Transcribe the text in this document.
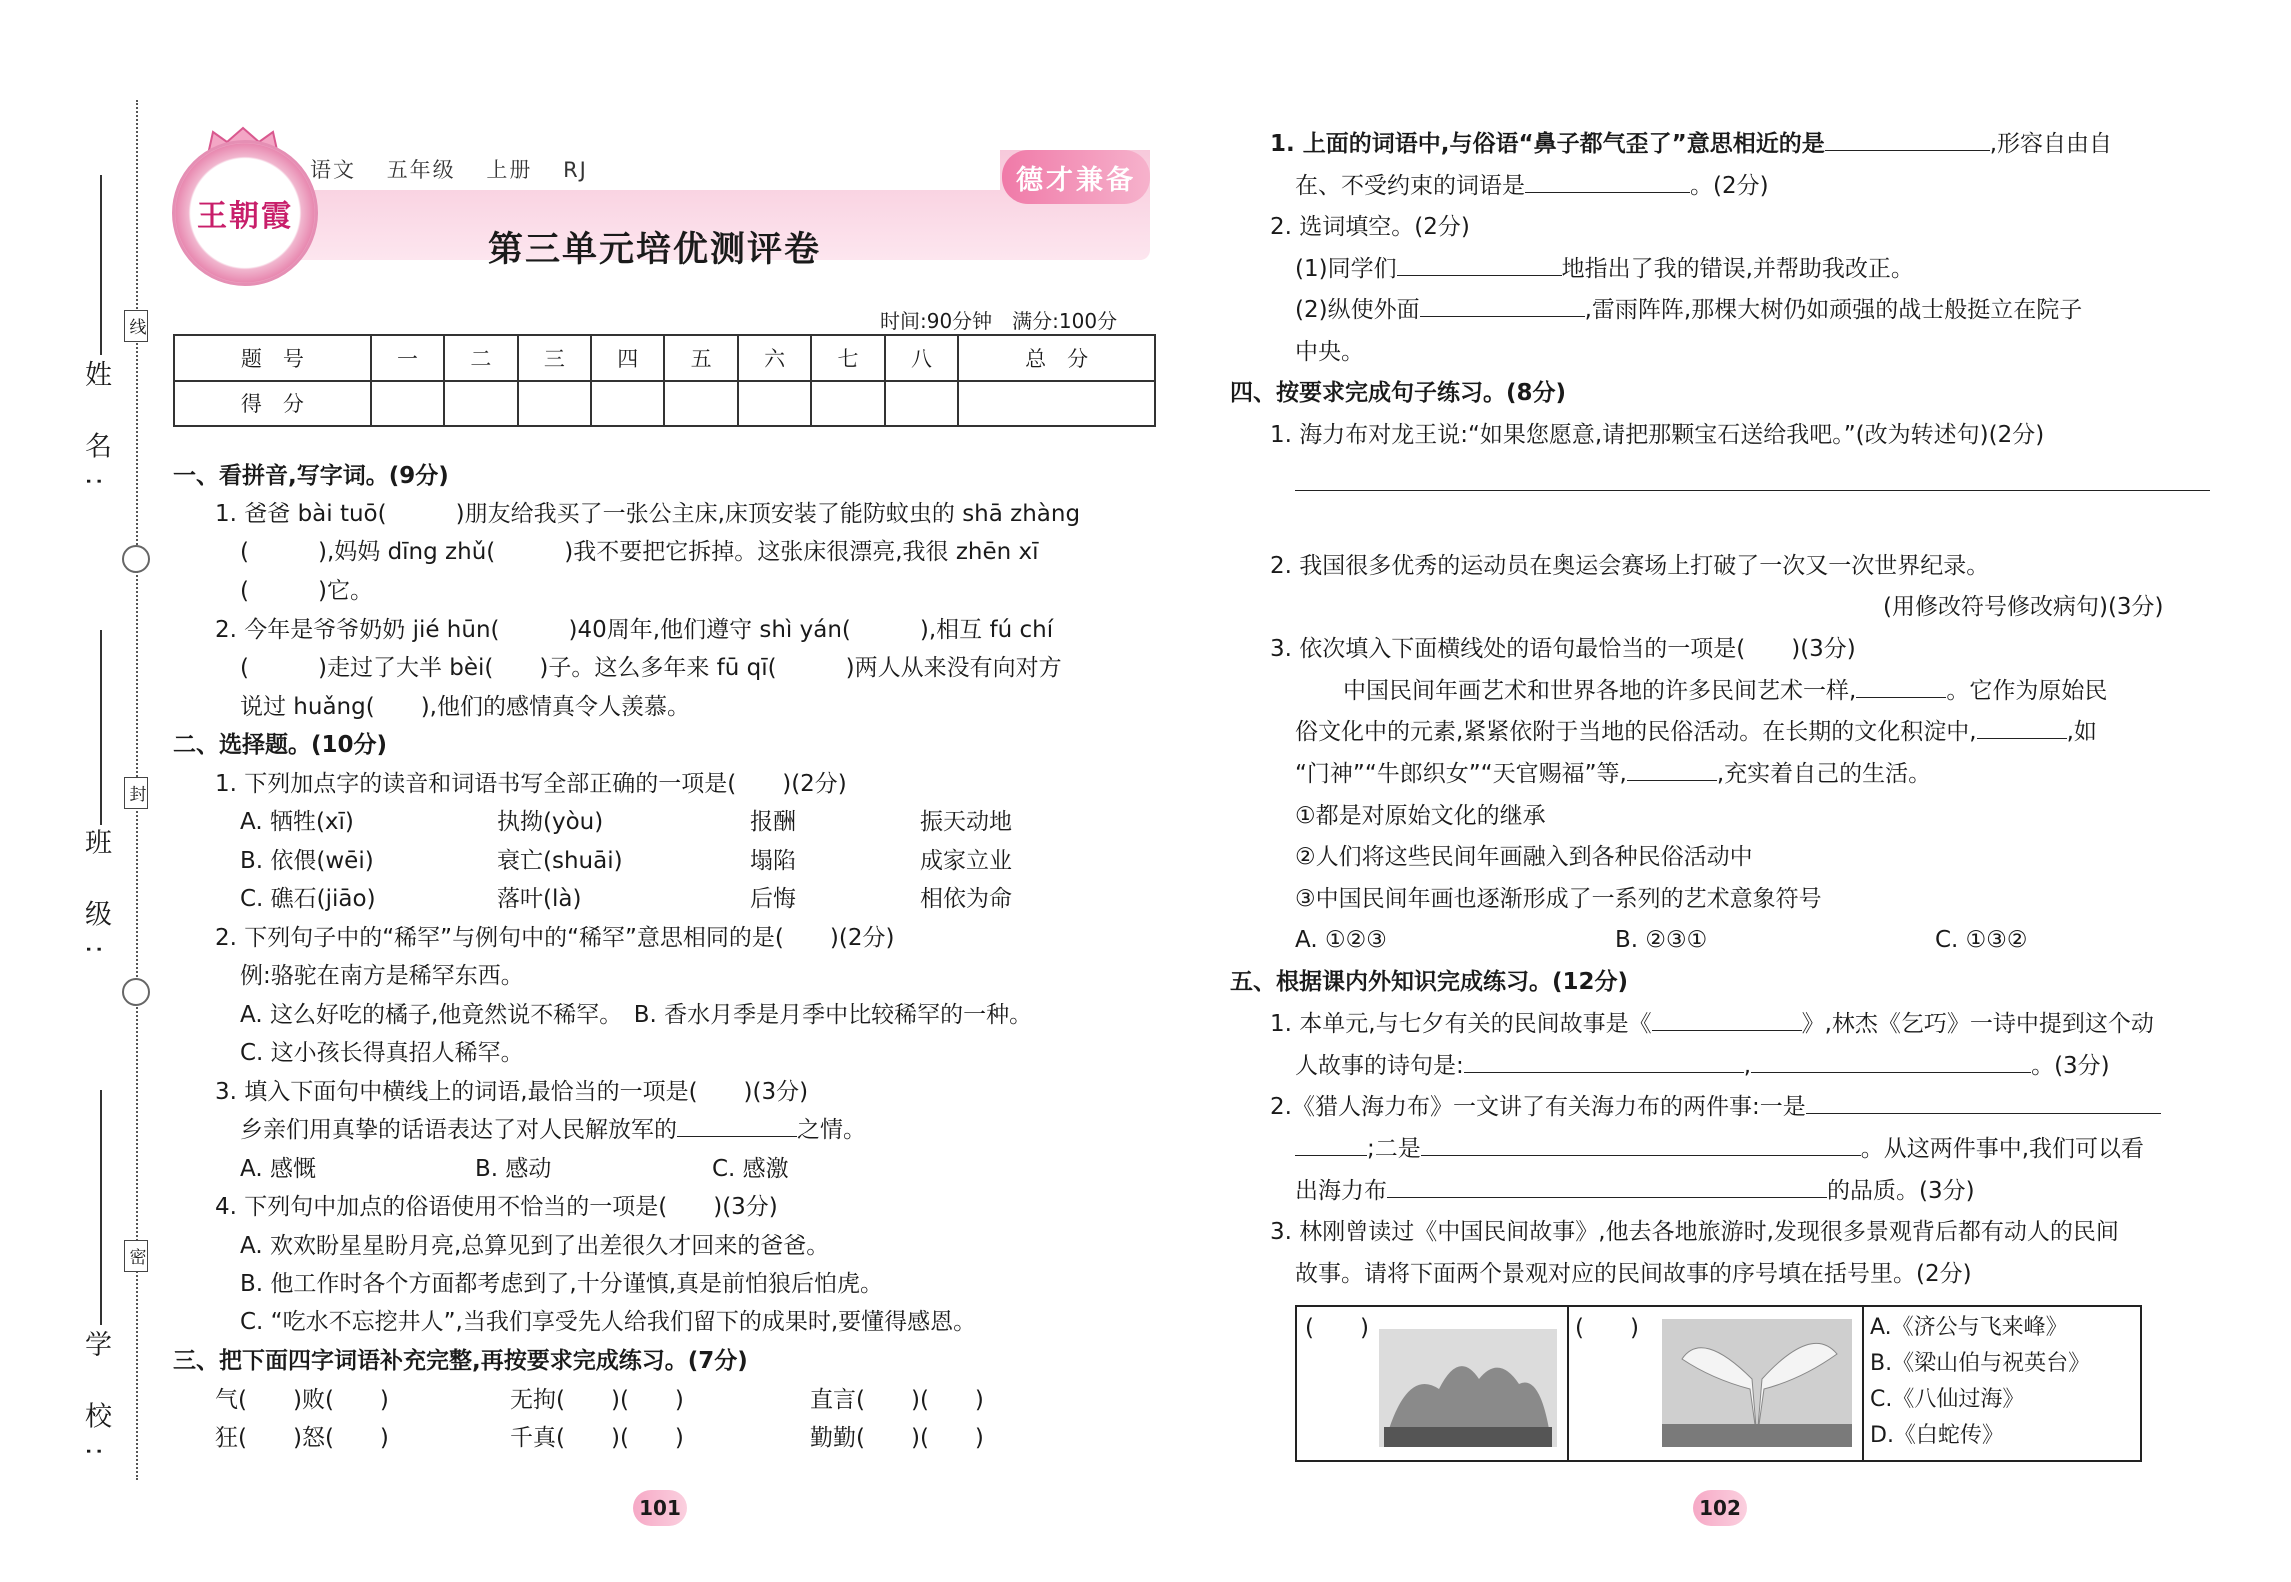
姓 名:
班 级:
学 校:
线
封
密
王朝霞
语文 五年级 上册 RJ	德才兼备
第三单元培优测评卷
时间:90分钟　满分:100分
题　号	一	二	三	四	五	六	七	八	总　分
得　分									
一、看拼音,写字词。(9分)
1. 爸爸 bài tuō(　　　)朋友给我买了一张公主床,床顶安装了能防蚊虫的 shā zhàng
(　　　),妈妈 dīng zhǔ(　　　)我不要把它拆掉。这张床很漂亮,我很 zhēn xī
(　　　)它。
2. 今年是爷爷奶奶 jié hūn(　　　)40周年,他们遵守 shì yán(　　　),相互 fú chí
(　　　)走过了大半 bèi(　　)子。这么多年来 fū qī(　　　)两人从来没有向对方
说过 huǎng(　　),他们的感情真令人羡慕。
二、选择题。(10分)
1. 下列加点字的读音和词语书写全部正确的一项是(　　)(2分)
A. 牺牲(xī)	执拗(yòu)	报酬	振天动地
B. 依偎(wēi)	衰亡(shuāi)	塌陷	成家立业
C. 礁石(jiāo)	落叶(là)	后悔	相依为命
2. 下列句子中的“稀罕”与例句中的“稀罕”意思相同的是(　　)(2分)
例:骆驼在南方是稀罕东西。
A. 这么好吃的橘子,他竟然说不稀罕。　B. 香水月季是月季中比较稀罕的一种。
C. 这小孩长得真招人稀罕。
3. 填入下面句中横线上的词语,最恰当的一项是(　　)(3分)
乡亲们用真挚的话语表达了对人民解放军的	之情。
A. 感慨	B. 感动	C. 感激
4. 下列句中加点的俗语使用不恰当的一项是(　　)(3分)
A. 欢欢盼星星盼月亮,总算见到了出差很久才回来的爸爸。
B. 他工作时各个方面都考虑到了,十分谨慎,真是前怕狼后怕虎。
C. “吃水不忘挖井人”,当我们享受先人给我们留下的成果时,要懂得感恩。
三、把下面四字词语补充完整,再按要求完成练习。(7分)
气(　　)败(　　)	无拘(　　)(　　)	直言(　　)(　　)
狂(　　)怒(　　)	千真(　　)(　　)	勤勤(　　)(　　)
101
1. 上面的词语中,与俗语“鼻子都气歪了”意思相近的是	,形容自由自
在、不受约束的词语是	。(2分)
2. 选词填空。(2分)
(1)同学们	地指出了我的错误,并帮助我改正。
(2)纵使外面	,雷雨阵阵,那棵大树仍如顽强的战士般挺立在院子
中央。
四、按要求完成句子练习。(8分)
1. 海力布对龙王说:“如果您愿意,请把那颗宝石送给我吧。”(改为转述句)(2分)
2. 我国很多优秀的运动员在奥运会赛场上打破了一次又一次世界纪录。
(用修改符号修改病句)(3分)
3. 依次填入下面横线处的语句最恰当的一项是(　　)(3分)
中国民间年画艺术和世界各地的许多民间艺术一样,	。它作为原始民
俗文化中的元素,紧紧依附于当地的民俗活动。在长期的文化积淀中,	,如
“门神”“牛郎织女”“天官赐福”等,	,充实着自己的生活。
①都是对原始文化的继承
②人们将这些民间年画融入到各种民俗活动中
③中国民间年画也逐渐形成了一系列的艺术意象符号
A. ①②③	B. ②③①	C. ①③②
五、根据课内外知识完成练习。(12分)
1. 本单元,与七夕有关的民间故事是《	》,林杰《乞巧》一诗中提到这个动
人故事的诗句是:	,	。(3分)
2.《猎人海力布》一文讲了有关海力布的两件事:一是
;二是	。从这两件事中,我们可以看
出海力布	的品质。(3分)
3. 林刚曾读过《中国民间故事》,他去各地旅游时,发现很多景观背后都有动人的民间
故事。请将下面两个景观对应的民间故事的序号填在括号里。(2分)
(　　)	(　　)	A.《济公与飞来峰》
B.《梁山伯与祝英台》
C.《八仙过海》
D.《白蛇传》
102
